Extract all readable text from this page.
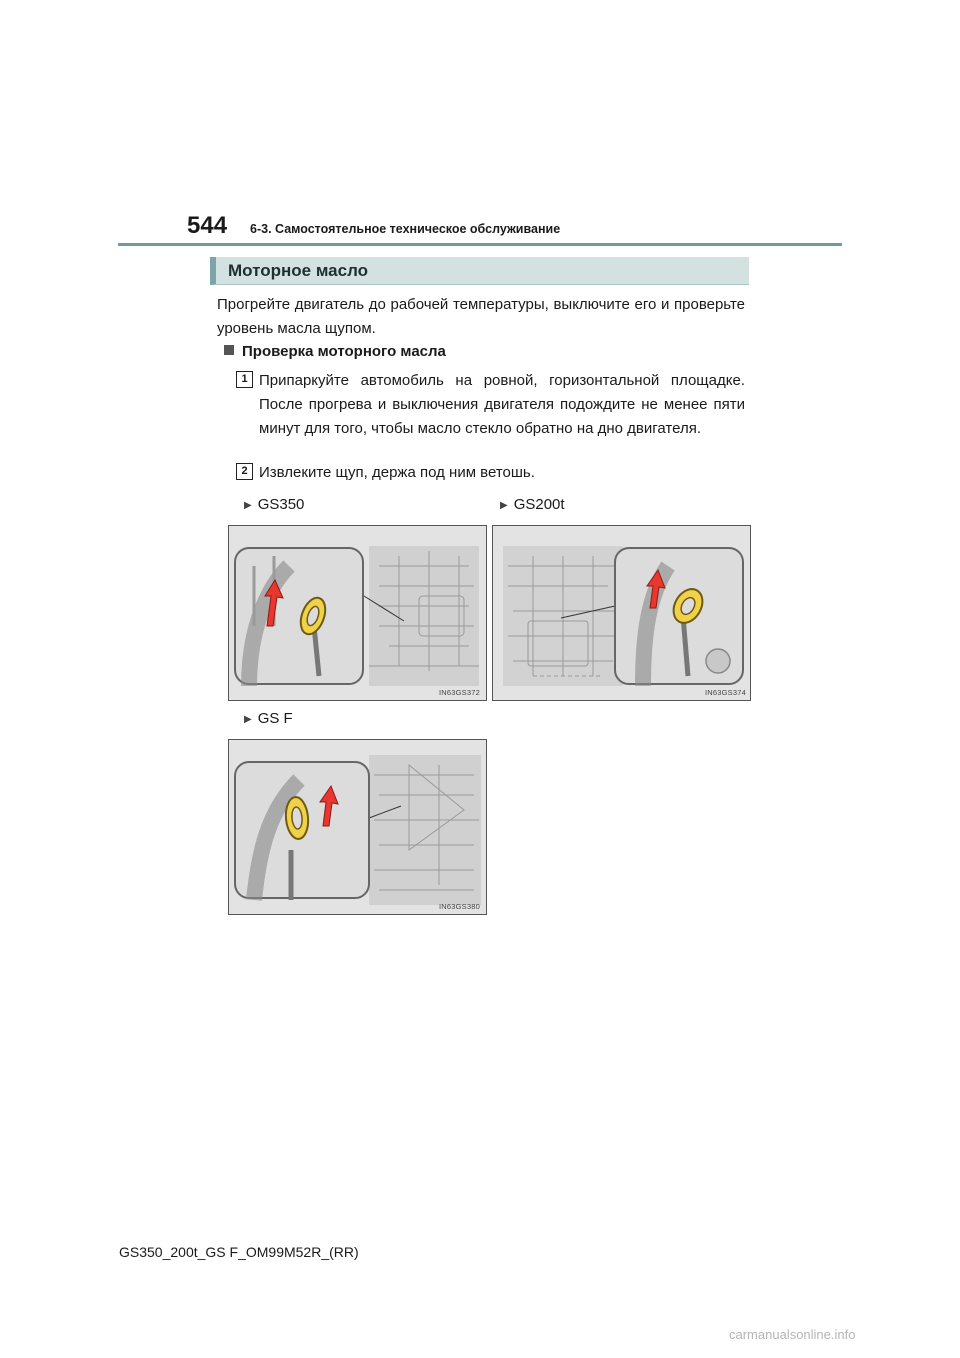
544 6-3. Самостоятельное техническое обслуживание
Моторное масло
Прогрейте двигатель до рабочей температуры, выключите его и проверьте уровень масла щупом.
Проверка моторного масла
1 Припаркуйте автомобиль на ровной, горизонтальной площадке. После прогрева и выключения двигателя подождите не менее пяти минут для того, чтобы масло стекло обратно на дно двигателя.
2 Извлеките щуп, держа под ним ветошь.
▶ GS350	▶ GS200t
▶ GS F
IN63GS372	IN63GS374
IN63GS380
GS350_200t_GS F_OM99M52R_(RR)
carmanualsonline.info
